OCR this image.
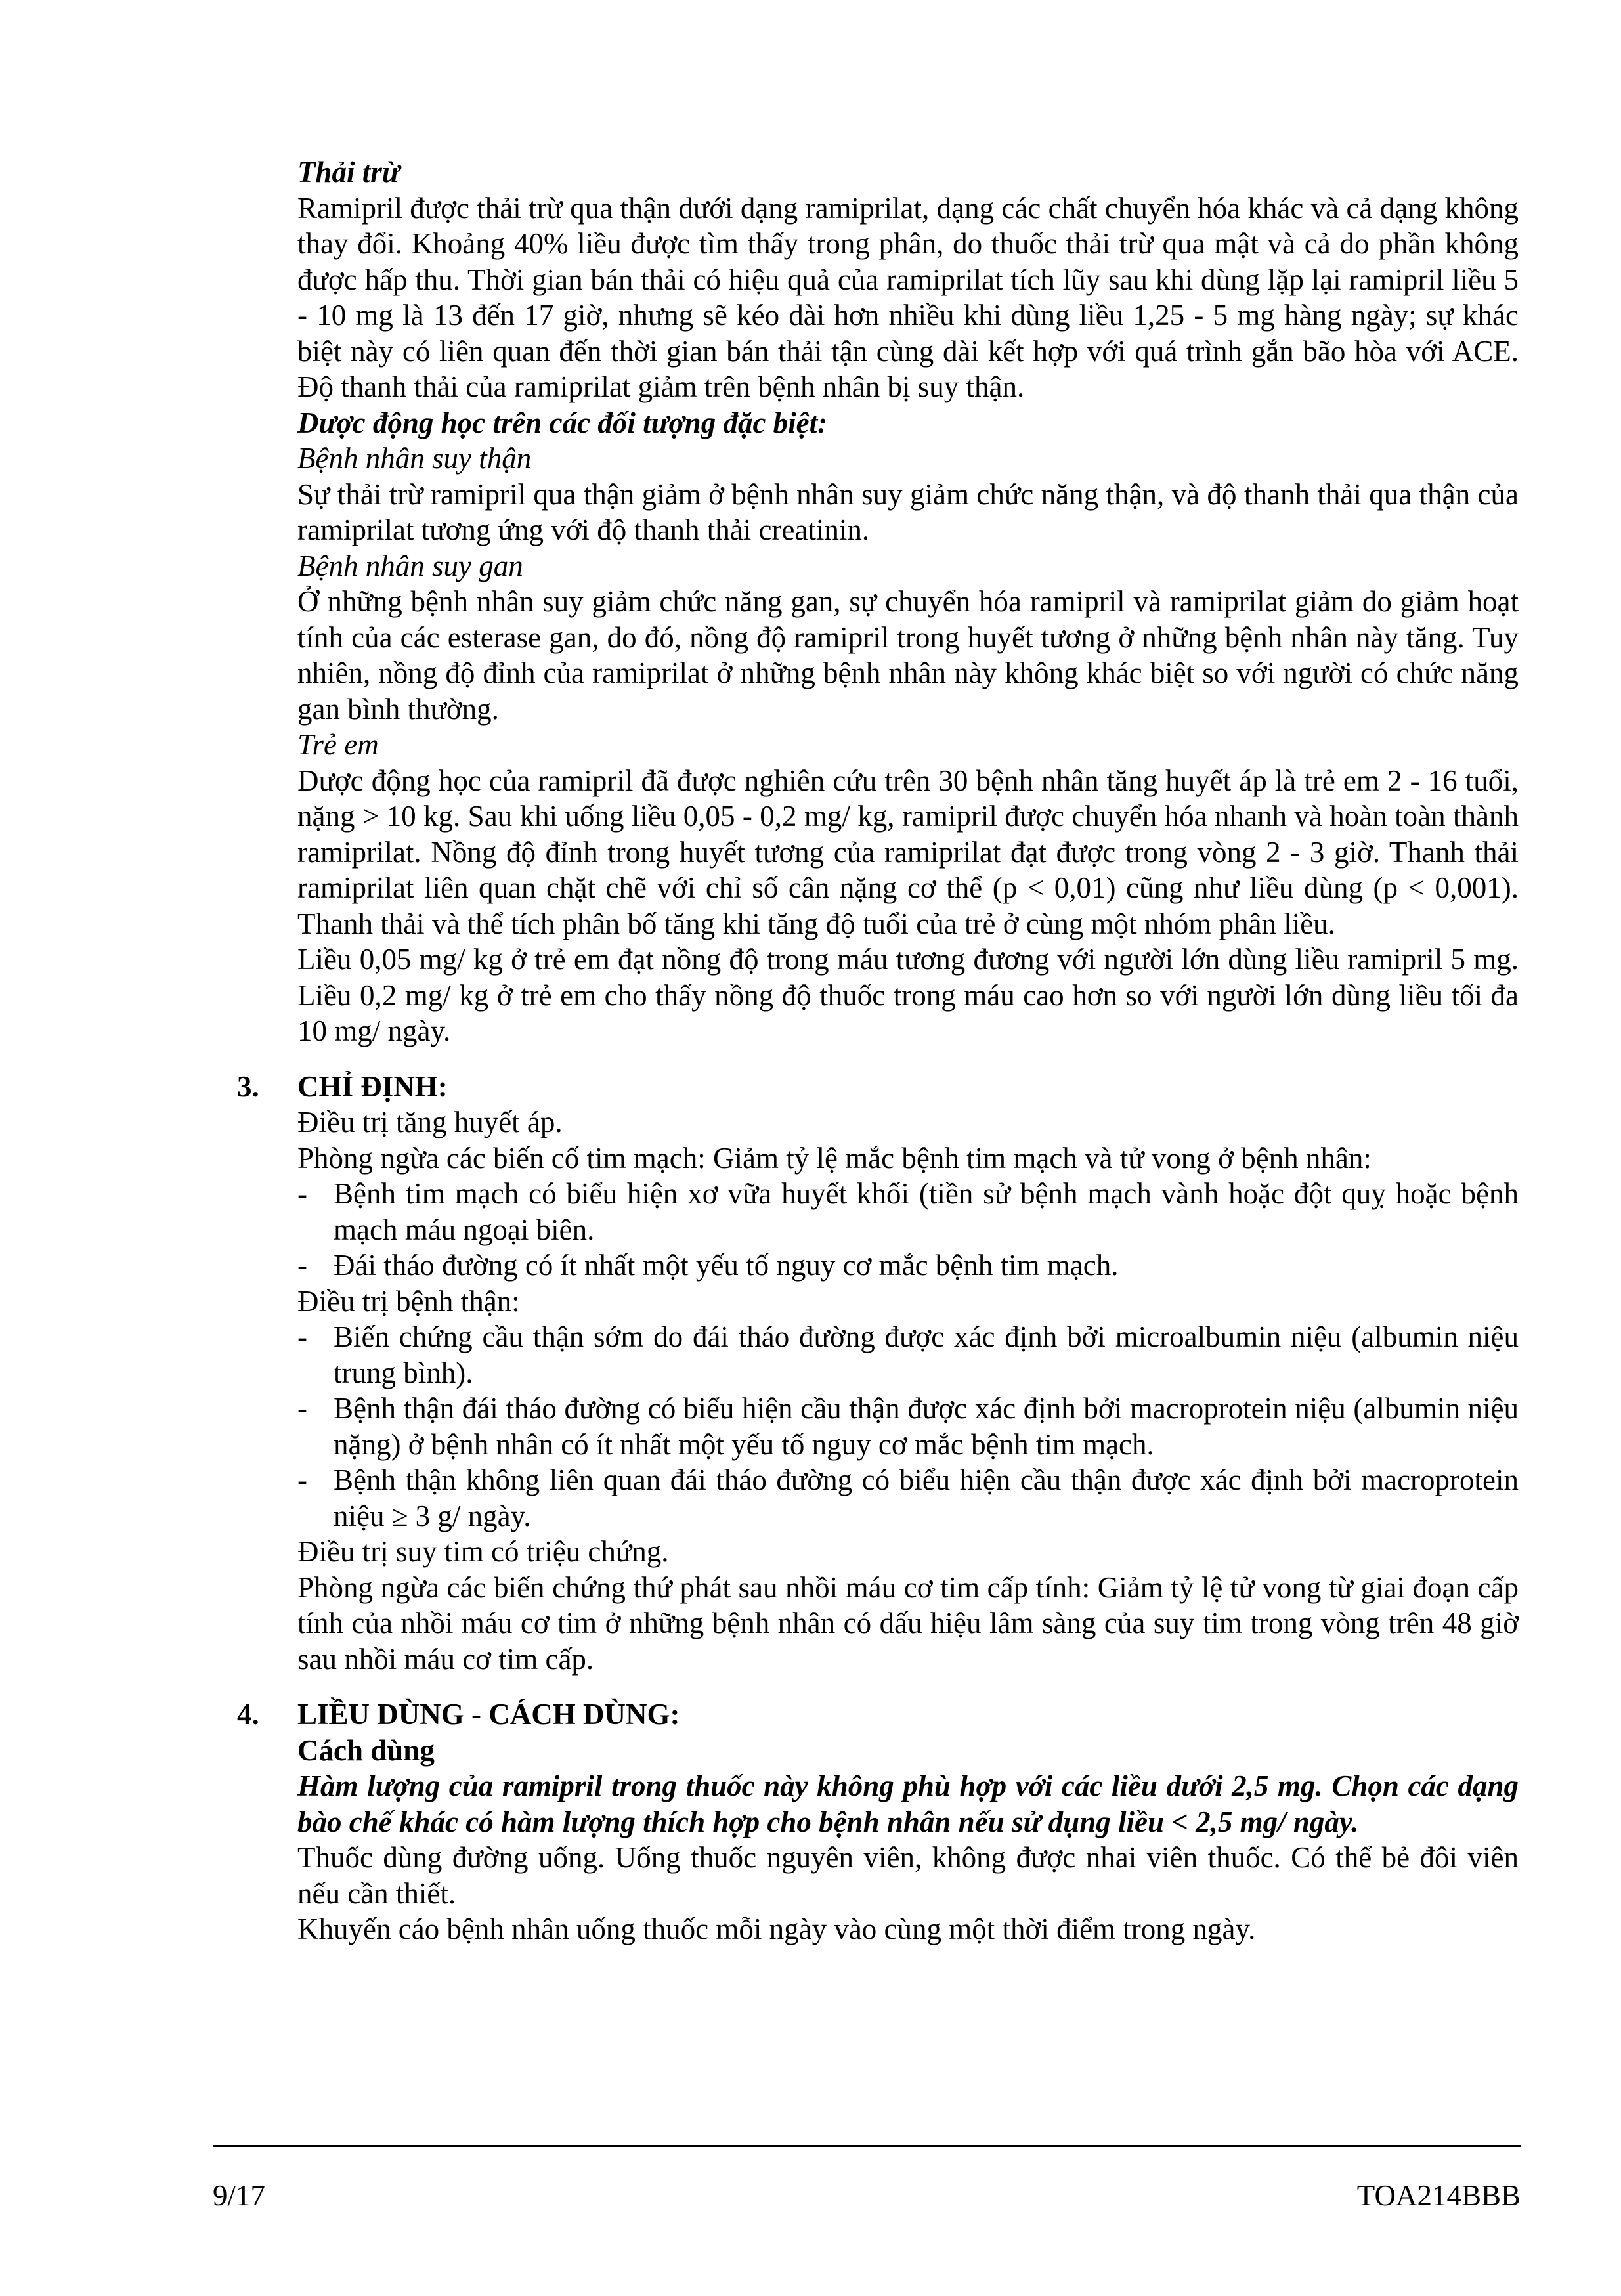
Thải trừ

Ramipril được thải trừ qua thận dưới dạng ramiprilat, dạng các chất chuyển hóa khác và cả dạng không thay đổi. Khoảng 40% liều được tìm thấy trong phân, do thuốc thải trừ qua mật và cả do phần không được hấp thu. Thời gian bán thải có hiệu quả của ramiprilat tích lũy sau khi dùng lặp lại ramipril liều 5 - 10 mg là 13 đến 17 giờ, nhưng sẽ kéo dài hơn nhiều khi dùng liều 1,25 - 5 mg hàng ngày; sự khác biệt này có liên quan đến thời gian bán thải tận cùng dài kết hợp với quá trình gắn bão hòa với ACE. Độ thanh thải của ramiprilat giảm trên bệnh nhân bị suy thận.

Dược động học trên các đối tượng đặc biệt:

Bệnh nhân suy thận

Sự thải trừ ramipril qua thận giảm ở bệnh nhân suy giảm chức năng thận, và độ thanh thải qua thận của ramiprilat tương ứng với độ thanh thải creatinin.

Bệnh nhân suy gan

Ở những bệnh nhân suy giảm chức năng gan, sự chuyển hóa ramipril và ramiprilat giảm do giảm hoạt tính của các esterase gan, do đó, nồng độ ramipril trong huyết tương ở những bệnh nhân này tăng. Tuy nhiên, nồng độ đỉnh của ramiprilat ở những bệnh nhân này không khác biệt so với người có chức năng gan bình thường.

Trẻ em

Dược động học của ramipril đã được nghiên cứu trên 30 bệnh nhân tăng huyết áp là trẻ em 2 - 16 tuổi, nặng > 10 kg. Sau khi uống liều 0,05 - 0,2 mg/ kg, ramipril được chuyển hóa nhanh và hoàn toàn thành ramiprilat. Nồng độ đỉnh trong huyết tương của ramiprilat đạt được trong vòng 2 - 3 giờ. Thanh thải ramiprilat liên quan chặt chẽ với chỉ số cân nặng cơ thể (p < 0,01) cũng như liều dùng (p < 0,001). Thanh thải và thể tích phân bố tăng khi tăng độ tuổi của trẻ ở cùng một nhóm phân liều.

Liều 0,05 mg/ kg ở trẻ em đạt nồng độ trong máu tương đương với người lớn dùng liều ramipril 5 mg. Liều 0,2 mg/ kg ở trẻ em cho thấy nồng độ thuốc trong máu cao hơn so với người lớn dùng liều tối đa 10 mg/ ngày.

3. CHỈ ĐỊNH:

Điều trị tăng huyết áp.

Phòng ngừa các biến cố tim mạch: Giảm tỷ lệ mắc bệnh tim mạch và tử vong ở bệnh nhân:

- Bệnh tim mạch có biểu hiện xơ vữa huyết khối (tiền sử bệnh mạch vành hoặc đột quỵ hoặc bệnh mạch máu ngoại biên.

- Đái tháo đường có ít nhất một yếu tố nguy cơ mắc bệnh tim mạch.

Điều trị bệnh thận:

- Biến chứng cầu thận sớm do đái tháo đường được xác định bởi microalbumin niệu (albumin niệu trung bình).

- Bệnh thận đái tháo đường có biểu hiện cầu thận được xác định bởi macroprotein niệu (albumin niệu nặng) ở bệnh nhân có ít nhất một yếu tố nguy cơ mắc bệnh tim mạch.

- Bệnh thận không liên quan đái tháo đường có biểu hiện cầu thận được xác định bởi macroprotein niệu ≥ 3 g/ ngày.

Điều trị suy tim có triệu chứng.

Phòng ngừa các biến chứng thứ phát sau nhồi máu cơ tim cấp tính: Giảm tỷ lệ tử vong từ giai đoạn cấp tính của nhồi máu cơ tim ở những bệnh nhân có dấu hiệu lâm sàng của suy tim trong vòng trên 48 giờ sau nhồi máu cơ tim cấp.

4. LIỀU DÙNG - CÁCH DÙNG:

Cách dùng

Hàm lượng của ramipril trong thuốc này không phù hợp với các liều dưới 2,5 mg. Chọn các dạng bào chế khác có hàm lượng thích hợp cho bệnh nhân nếu sử dụng liều < 2,5 mg/ ngày.

Thuốc dùng đường uống. Uống thuốc nguyên viên, không được nhai viên thuốc. Có thể bẻ đôi viên nếu cần thiết.

Khuyến cáo bệnh nhân uống thuốc mỗi ngày vào cùng một thời điểm trong ngày.

9/17	TOA214BBB
